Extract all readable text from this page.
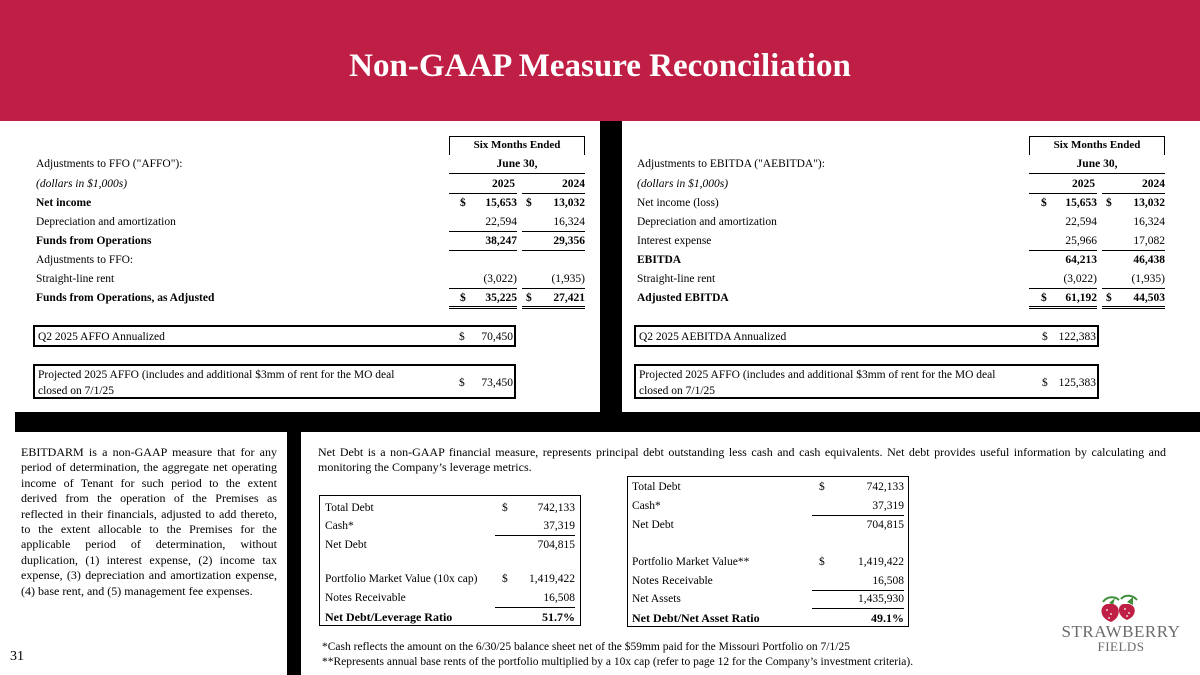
Non-GAAP Measure Reconciliation
Six Months Ended
Adjustments to FFO ("AFFO"):	June 30,
(dollars in $1,000s)	2025	2024
Net income	$	15,653 $	13,032
Depreciation and amortization	22,594	16,324
Funds from Operations	38,247	29,356
Adjustments to FFO:
Straight-line rent	(3,022)	(1,935)
Funds from Operations, as Adjusted	$	35,225 $	27,421
Q2 2025 AFFO Annualized	$	70,450
Projected 2025 AFFO (includes and additional $3mm of rent for the MO deal
closed on 7/1/25
$	73,450
Six Months Ended
Adjustments to EBITDA ("AEBITDA"):	June 30,
(dollars in $1,000s)	2025	2024
Net income (loss)	$	15,653 $	13,032
Depreciation and amortization	22,594	16,324
Interest expense	25,966	17,082
EBITDA	64,213	46,438
Straight-line rent	(3,022)	(1,935)
Adjusted EBITDA	$	61,192 $	44,503
Q2 2025 AEBITDA Annualized	$ 122,383
Projected 2025 AFFO (includes and additional $3mm of rent for the MO deal
closed on 7/1/25
$ 125,383
EBITDARM is a non-GAAP measure that for any period of determination, the aggregate net operating income of Tenant for such period to the extent derived from the operation of the Premises as reflected in their financials, adjusted to add thereto, to the extent allocable to the Premises for the applicable period of determination, without duplication, (1) interest expense, (2) income tax expense, (3) depreciation and amortization expense, (4) base rent, and (5) management fee expenses.
Net Debt is a non-GAAP financial measure, represents principal debt outstanding less cash and cash equivalents. Net debt provides useful information by calculating and monitoring the Company’s leverage metrics.
Total Debt	$	742,133
Cash*	37,319
Net Debt	704,815
Portfolio Market Value (10x cap) $	1,419,422
Notes Receivable	16,508
Net Debt/Leverage Ratio	51.7%
Total Debt	$	742,133
Cash*	37,319
Net Debt	704,815
Portfolio Market Value**	$	1,419,422
Notes Receivable	16,508
Net Assets	1,435,930
Net Debt/Net Asset Ratio	49.1%
*Cash reflects the amount on the 6/30/25 balance sheet net of the $59mm paid for the Missouri Portfolio on 7/1/25
**Represents annual base rents of the portfolio multiplied by a 10x cap (refer to page 12 for the Company’s investment criteria).
31
STRAWBERRY
FIELDS
